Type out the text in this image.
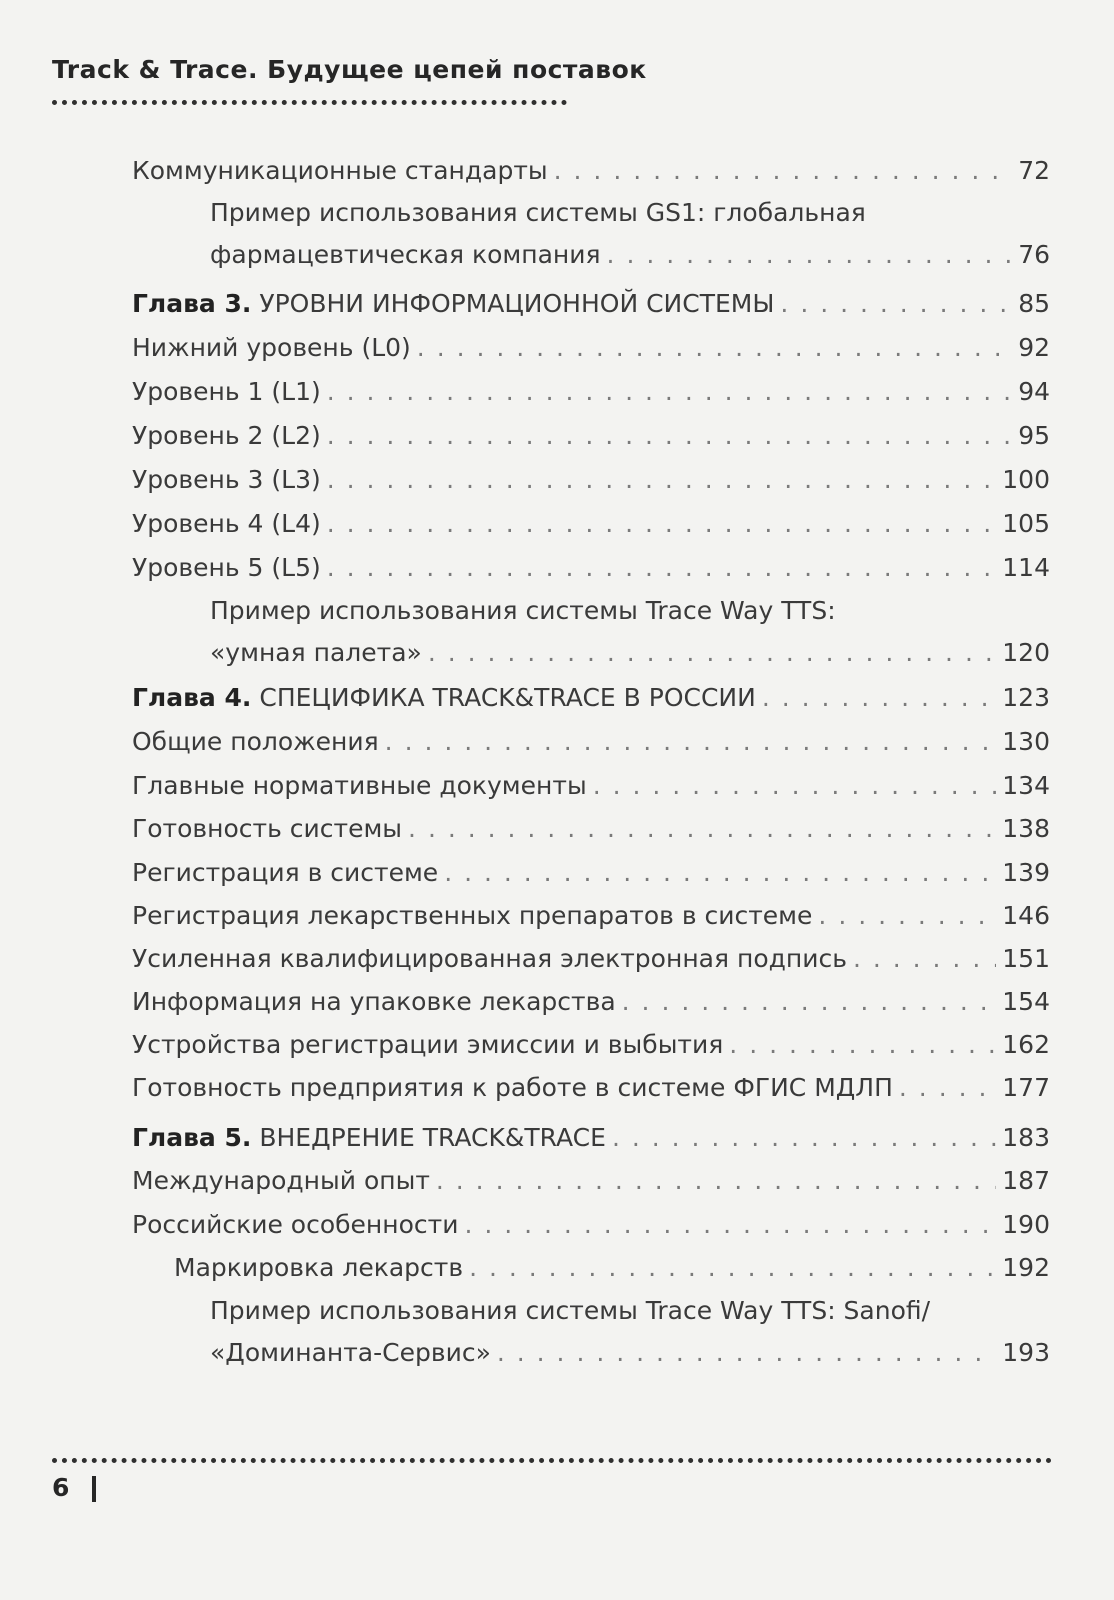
Track & Trace. Будущее цепей поставок
Коммуникационные стандарты . . .	72
Пример использования системы GS1: глобальная
фармацевтическая компания . . .	76
Глава 3. УРОВНИ ИНФОРМАЦИОННОЙ СИСТЕМЫ . . .	85
Нижний уровень (L0) . . .	92
Уровень 1 (L1) . . .	94
Уровень 2 (L2) . . .	95
Уровень 3 (L3) . . .	100
Уровень 4 (L4) . . .	105
Уровень 5 (L5) . . .	114
Пример использования системы Trace Way TTS:
«умная палета» . . .	120
Глава 4. СПЕЦИФИКА TRACK&TRACE В РОССИИ . . .	123
Общие положения . . .	130
Главные нормативные документы . . .	134
Готовность системы . . .	138
Регистрация в системе . . .	139
Регистрация лекарственных препаратов в системе . . .	146
Усиленная квалифицированная электронная подпись . . .	151
Информация на упаковке лекарства . . .	154
Устройства регистрации эмиссии и выбытия . . .	162
Готовность предприятия к работе в системе ФГИС МДЛП . . .	177
Глава 5. ВНЕДРЕНИЕ TRACK&TRACE . . .	183
Международный опыт . . .	187
Российские особенности . . .	190
Маркировка лекарств . . .	192
Пример использования системы Trace Way TTS: Sanofi/
«Доминанта-Сервис» . . .	193
6
